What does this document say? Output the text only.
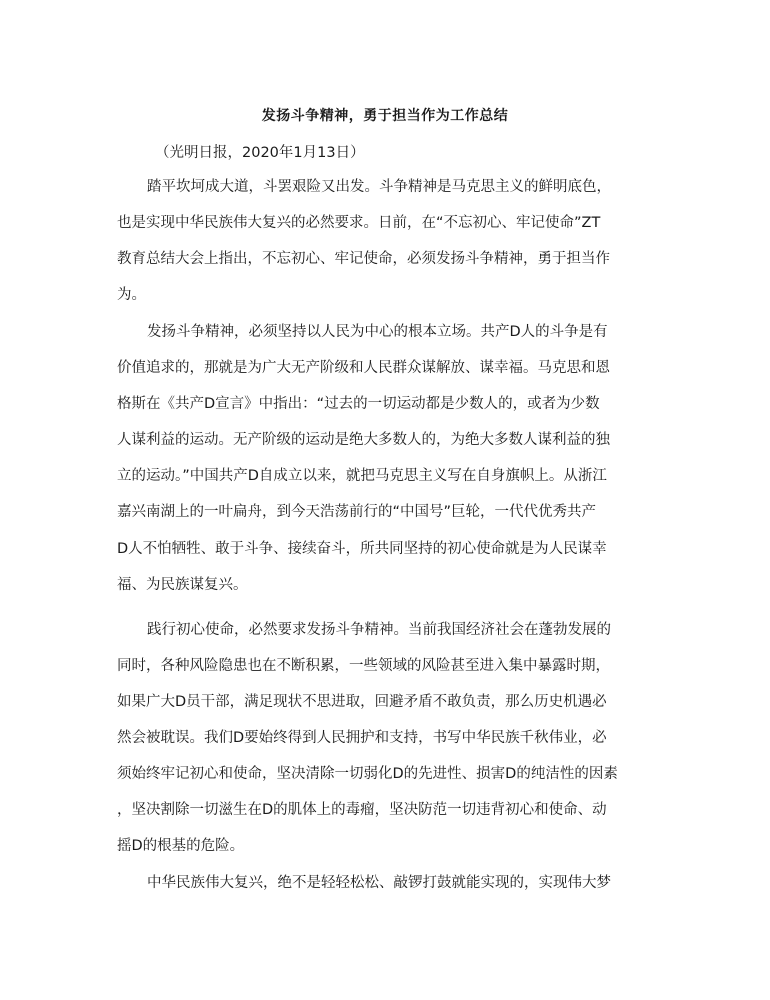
发扬斗争精神，勇于担当作为工作总结
（光明日报，2020年1月13日）
踏平坎坷成大道，斗罢艰险又出发。斗争精神是马克思主义的鲜明底色，
也是实现中华民族伟大复兴的必然要求。日前，在“不忘初心、牢记使命”ZT
教育总结大会上指出，不忘初心、牢记使命，必须发扬斗争精神，勇于担当作
为。
发扬斗争精神，必须坚持以人民为中心的根本立场。共产D人的斗争是有
价值追求的，那就是为广大无产阶级和人民群众谋解放、谋幸福。马克思和恩
格斯在《共产D宣言》中指出：“过去的一切运动都是少数人的，或者为少数
人谋利益的运动。无产阶级的运动是绝大多数人的，为绝大多数人谋利益的独
立的运动。”中国共产D自成立以来，就把马克思主义写在自身旗帜上。从浙江
嘉兴南湖上的一叶扁舟，到今天浩荡前行的“中国号”巨轮，一代代优秀共产
D人不怕牺牲、敢于斗争、接续奋斗，所共同坚持的初心使命就是为人民谋幸
福、为民族谋复兴。
践行初心使命，必然要求发扬斗争精神。当前我国经济社会在蓬勃发展的
同时，各种风险隐患也在不断积累，一些领域的风险甚至进入集中暴露时期，
如果广大D员干部，满足现状不思进取，回避矛盾不敢负责，那么历史机遇必
然会被耽误。我们D要始终得到人民拥护和支持，书写中华民族千秋伟业，必
须始终牢记初心和使命，坚决清除一切弱化D的先进性、损害D的纯洁性的因素
，坚决割除一切滋生在D的肌体上的毒瘤，坚决防范一切违背初心和使命、动
摇D的根基的危险。
中华民族伟大复兴，绝不是轻轻松松、敲锣打鼓就能实现的，实现伟大梦
